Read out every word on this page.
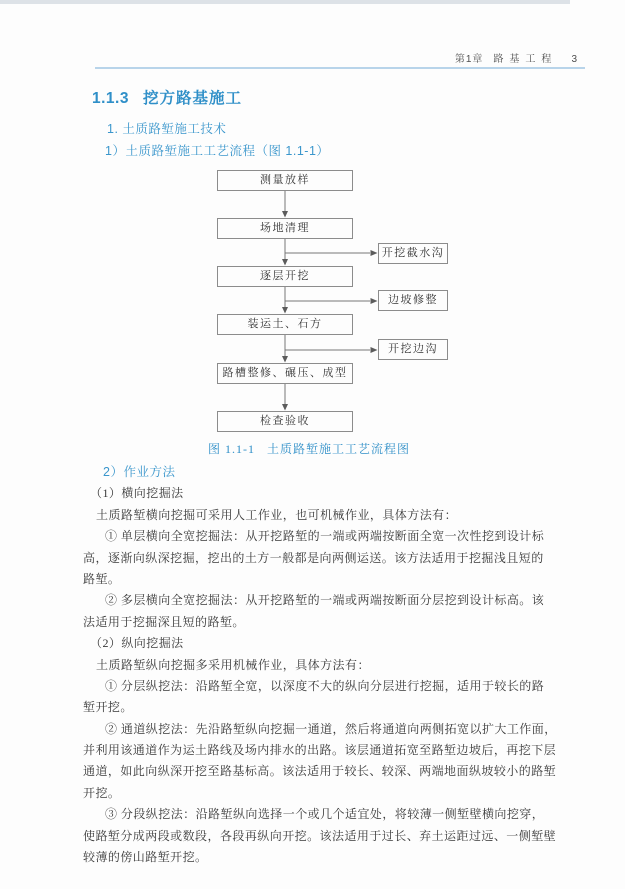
第1章 路基工程 3
1.1.3 挖方路基施工
1. 土质路堑施工技术
1）土质路堑施工工艺流程（图 1.1-1）
测量放样
场地清理
逐层开挖
装运土、石方
路槽整修、碾压、成型
检查验收
开挖截水沟
边坡修整
开挖边沟
图 1.1-1 土质路堑施工工艺流程图
2）作业方法
（1）横向挖掘法
土质路堑横向挖掘可采用人工作业，也可机械作业，具体方法有：
① 单层横向全宽挖掘法：从开挖路堑的一端或两端按断面全宽一次性挖到设计标
高，逐渐向纵深挖掘，挖出的土方一般都是向两侧运送。该方法适用于挖掘浅且短的
路堑。
② 多层横向全宽挖掘法：从开挖路堑的一端或两端按断面分层挖到设计标高。该
法适用于挖掘深且短的路堑。
（2）纵向挖掘法
土质路堑纵向挖掘多采用机械作业，具体方法有：
① 分层纵挖法：沿路堑全宽，以深度不大的纵向分层进行挖掘，适用于较长的路
堑开挖。
② 通道纵挖法：先沿路堑纵向挖掘一通道，然后将通道向两侧拓宽以扩大工作面，
并利用该通道作为运土路线及场内排水的出路。该层通道拓宽至路堑边坡后，再挖下层
通道，如此向纵深开挖至路基标高。该法适用于较长、较深、两端地面纵坡较小的路堑
开挖。
③ 分段纵挖法：沿路堑纵向选择一个或几个适宜处，将较薄一侧堑壁横向挖穿，
使路堑分成两段或数段，各段再纵向开挖。该法适用于过长、弃土运距过远、一侧堑壁
较薄的傍山路堑开挖。
